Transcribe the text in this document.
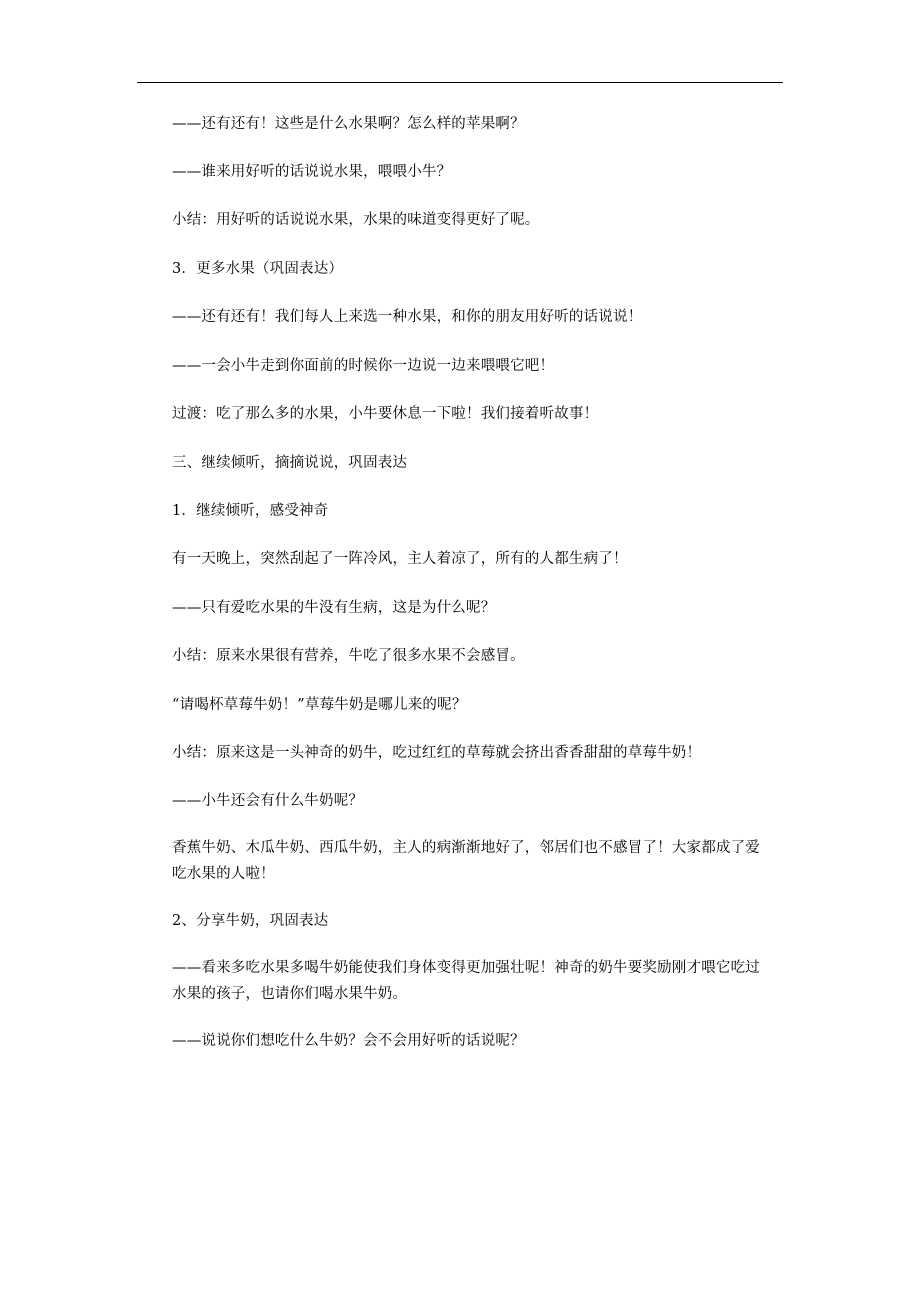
——还有还有！这些是什么水果啊？怎么样的苹果啊？

——谁来用好听的话说说水果，喂喂小牛？

小结：用好听的话说说水果，水果的味道变得更好了呢。

3．更多水果（巩固表达）

——还有还有！我们每人上来选一种水果，和你的朋友用好听的话说说！

——一会小牛走到你面前的时候你一边说一边来喂喂它吧！

过渡：吃了那么多的水果，小牛要休息一下啦！我们接着听故事！

三、继续倾听，摘摘说说，巩固表达

1．继续倾听，感受神奇

有一天晚上，突然刮起了一阵冷风，主人着凉了，所有的人都生病了！

——只有爱吃水果的牛没有生病，这是为什么呢？

小结：原来水果很有营养，牛吃了很多水果不会感冒。

“请喝杯草莓牛奶！”草莓牛奶是哪儿来的呢？

小结：原来这是一头神奇的奶牛，吃过红红的草莓就会挤出香香甜甜的草莓牛奶！

——小牛还会有什么牛奶呢？

香蕉牛奶、木瓜牛奶、西瓜牛奶，主人的病渐渐地好了，邻居们也不感冒了！大家都成了爱吃水果的人啦！

2、分享牛奶，巩固表达

——看来多吃水果多喝牛奶能使我们身体变得更加强壮呢！神奇的奶牛要奖励刚才喂它吃过水果的孩子，也请你们喝水果牛奶。

——说说你们想吃什么牛奶？会不会用好听的话说呢？
